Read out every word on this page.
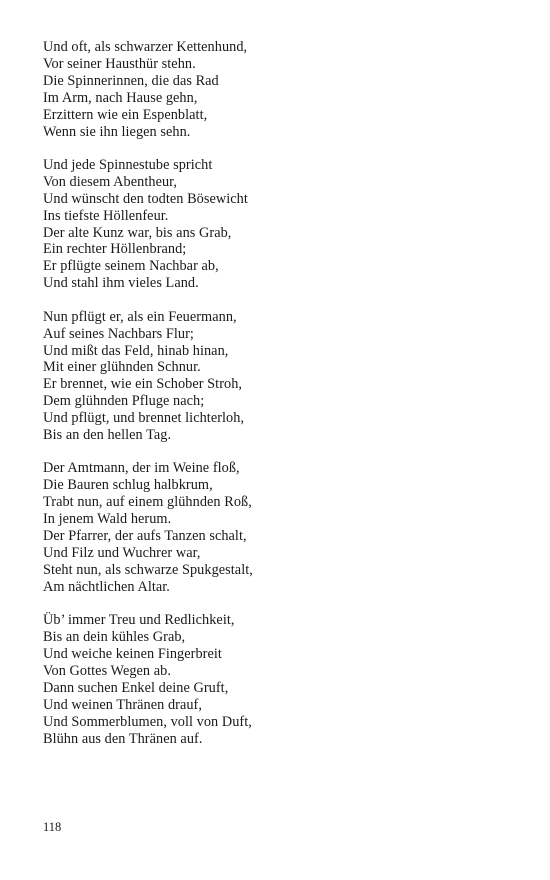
Und oft, als schwarzer Kettenhund,
Vor seiner Hausthür stehn.
Die Spinnerinnen, die das Rad
Im Arm, nach Hause gehn,
Erzittern wie ein Espenblatt,
Wenn sie ihn liegen sehn.
Und jede Spinnestube spricht
Von diesem Abentheur,
Und wünscht den todten Bösewicht
Ins tiefste Höllenfeur.
Der alte Kunz war, bis ans Grab,
Ein rechter Höllenbrand;
Er pflügte seinem Nachbar ab,
Und stahl ihm vieles Land.
Nun pflügt er, als ein Feuermann,
Auf seines Nachbars Flur;
Und mißt das Feld, hinab hinan,
Mit einer glühnden Schnur.
Er brennet, wie ein Schober Stroh,
Dem glühnden Pfluge nach;
Und pflügt, und brennet lichterloh,
Bis an den hellen Tag.
Der Amtmann, der im Weine floß,
Die Bauren schlug halbkrum,
Trabt nun, auf einem glühnden Roß,
In jenem Wald herum.
Der Pfarrer, der aufs Tanzen schalt,
Und Filz und Wuchrer war,
Steht nun, als schwarze Spukgestalt,
Am nächtlichen Altar.
Üb’ immer Treu und Redlichkeit,
Bis an dein kühles Grab,
Und weiche keinen Fingerbreit
Von Gottes Wegen ab.
Dann suchen Enkel deine Gruft,
Und weinen Thränen drauf,
Und Sommerblumen, voll von Duft,
Blühn aus den Thränen auf.
118
